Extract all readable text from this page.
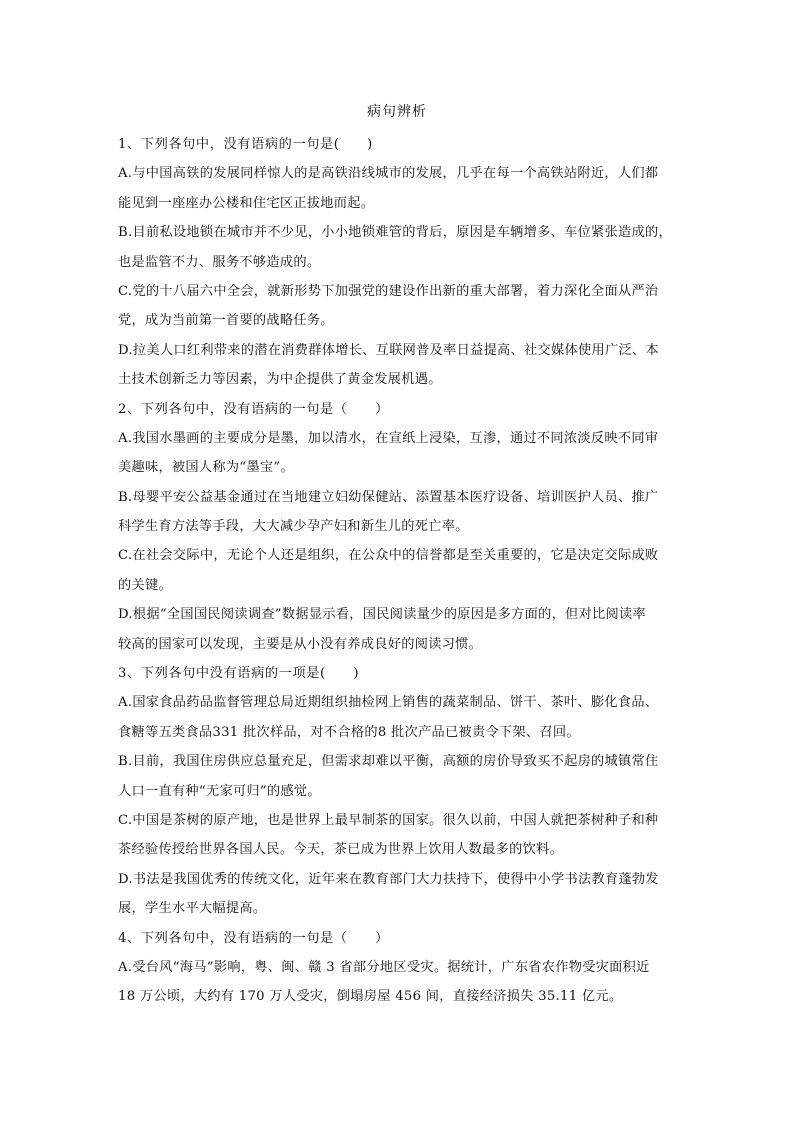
病句辨析
1、下列各句中，没有语病的一句是(　　)
A.与中国高铁的发展同样惊人的是高铁沿线城市的发展，几乎在每一个高铁站附近，人们都
能见到一座座办公楼和住宅区正拔地而起。
B.目前私设地锁在城市并不少见，小小地锁难管的背后，原因是车辆增多、车位紧张造成的，
也是监管不力、服务不够造成的。
C.党的十八届六中全会，就新形势下加强党的建设作出新的重大部署，着力深化全面从严治
党，成为当前第一首要的战略任务。
D.拉美人口红利带来的潜在消费群体增长、互联网普及率日益提高、社交媒体使用广泛、本
土技术创新乏力等因素，为中企提供了黄金发展机遇。
2、下列各句中，没有语病的一句是（　　）
A.我国水墨画的主要成分是墨，加以清水，在宣纸上浸染，互渗，通过不同浓淡反映不同审
美趣味，被国人称为“墨宝”。
B.母婴平安公益基金通过在当地建立妇幼保健站、添置基本医疗设备、培训医护人员、推广
科学生育方法等手段，大大减少孕产妇和新生儿的死亡率。
C.在社会交际中，无论个人还是组织，在公众中的信誉都是至关重要的，它是决定交际成败
的关键。
D.根据“全国国民阅读调查”数据显示看，国民阅读量少的原因是多方面的，但对比阅读率
较高的国家可以发现，主要是从小没有养成良好的阅读习惯。
3、下列各句中没有语病的一项是(　　)
A.国家食品药品监督管理总局近期组织抽检网上销售的蔬菜制品、饼干、茶叶、膨化食品、
食糖等五类食品331 批次样品，对不合格的8 批次产品已被责令下架、召回。
B.目前，我国住房供应总量充足，但需求却难以平衡，高额的房价导致买不起房的城镇常住
人口一直有种“无家可归”的感觉。
C.中国是茶树的原产地，也是世界上最早制茶的国家。很久以前，中国人就把茶树种子和种
茶经验传授给世界各国人民。今天，茶已成为世界上饮用人数最多的饮料。
D.书法是我国优秀的传统文化，近年来在教育部门大力扶持下，使得中小学书法教育蓬勃发
展，学生水平大幅提高。
4、下列各句中，没有语病的一句是（　　）
A.受台风“海马”影响，粤、闽、赣 3 省部分地区受灾。据统计，广东省农作物受灾面积近
18 万公顷，大约有 170 万人受灾，倒塌房屋 456 间，直接经济损失 35.11 亿元。
